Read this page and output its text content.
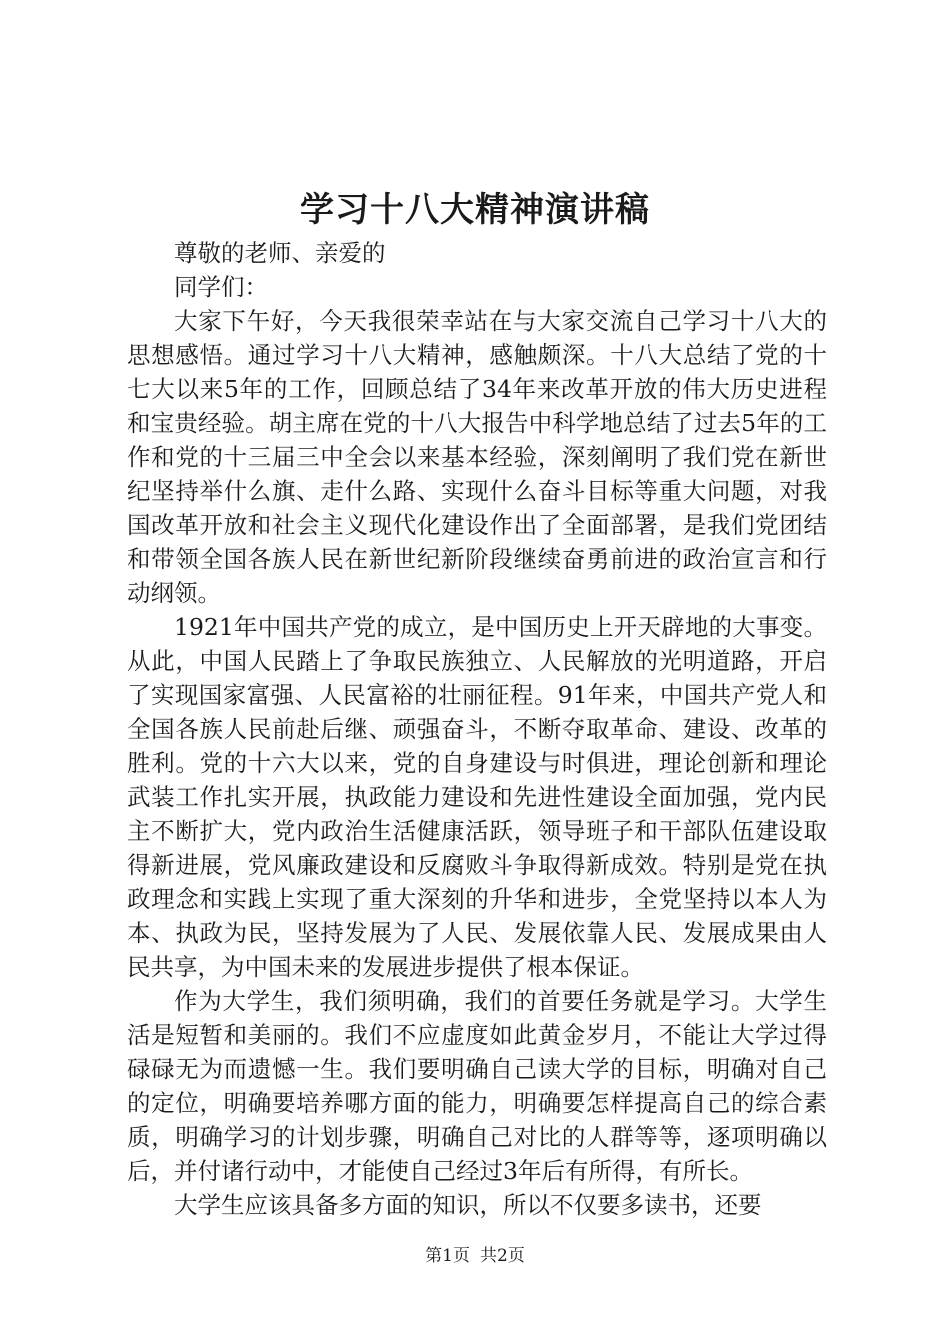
学习十八大精神演讲稿

尊敬的老师、亲爱的

同学们：

大家下午好，今天我很荣幸站在与大家交流自己学习十八大的思想感悟。通过学习十八大精神，感触颇深。十八大总结了党的十七大以来5年的工作，回顾总结了34年来改革开放的伟大历史进程和宝贵经验。胡主席在党的十八大报告中科学地总结了过去5年的工作和党的十三届三中全会以来基本经验，深刻阐明了我们党在新世纪坚持举什么旗、走什么路、实现什么奋斗目标等重大问题，对我国改革开放和社会主义现代化建设作出了全面部署，是我们党团结和带领全国各族人民在新世纪新阶段继续奋勇前进的政治宣言和行动纲领。

1921年中国共产党的成立，是中国历史上开天辟地的大事变。从此，中国人民踏上了争取民族独立、人民解放的光明道路，开启了实现国家富强、人民富裕的壮丽征程。91年来，中国共产党人和全国各族人民前赴后继、顽强奋斗，不断夺取革命、建设、改革的胜利。党的十六大以来，党的自身建设与时俱进，理论创新和理论武装工作扎实开展，执政能力建设和先进性建设全面加强，党内民主不断扩大，党内政治生活健康活跃，领导班子和干部队伍建设取得新进展，党风廉政建设和反腐败斗争取得新成效。特别是党在执政理念和实践上实现了重大深刻的升华和进步，全党坚持以本人为本、执政为民，坚持发展为了人民、发展依靠人民、发展成果由人民共享，为中国未来的发展进步提供了根本保证。

作为大学生，我们须明确，我们的首要任务就是学习。大学生活是短暂和美丽的。我们不应虚度如此黄金岁月，不能让大学过得碌碌无为而遗憾一生。我们要明确自己读大学的目标，明确对自己的定位，明确要培养哪方面的能力，明确要怎样提高自己的综合素质，明确学习的计划步骤，明确自己对比的人群等等，逐项明确以后，并付诸行动中，才能使自己经过3年后有所得，有所长。

大学生应该具备多方面的知识，所以不仅要多读书，还要

第1页 共2页
